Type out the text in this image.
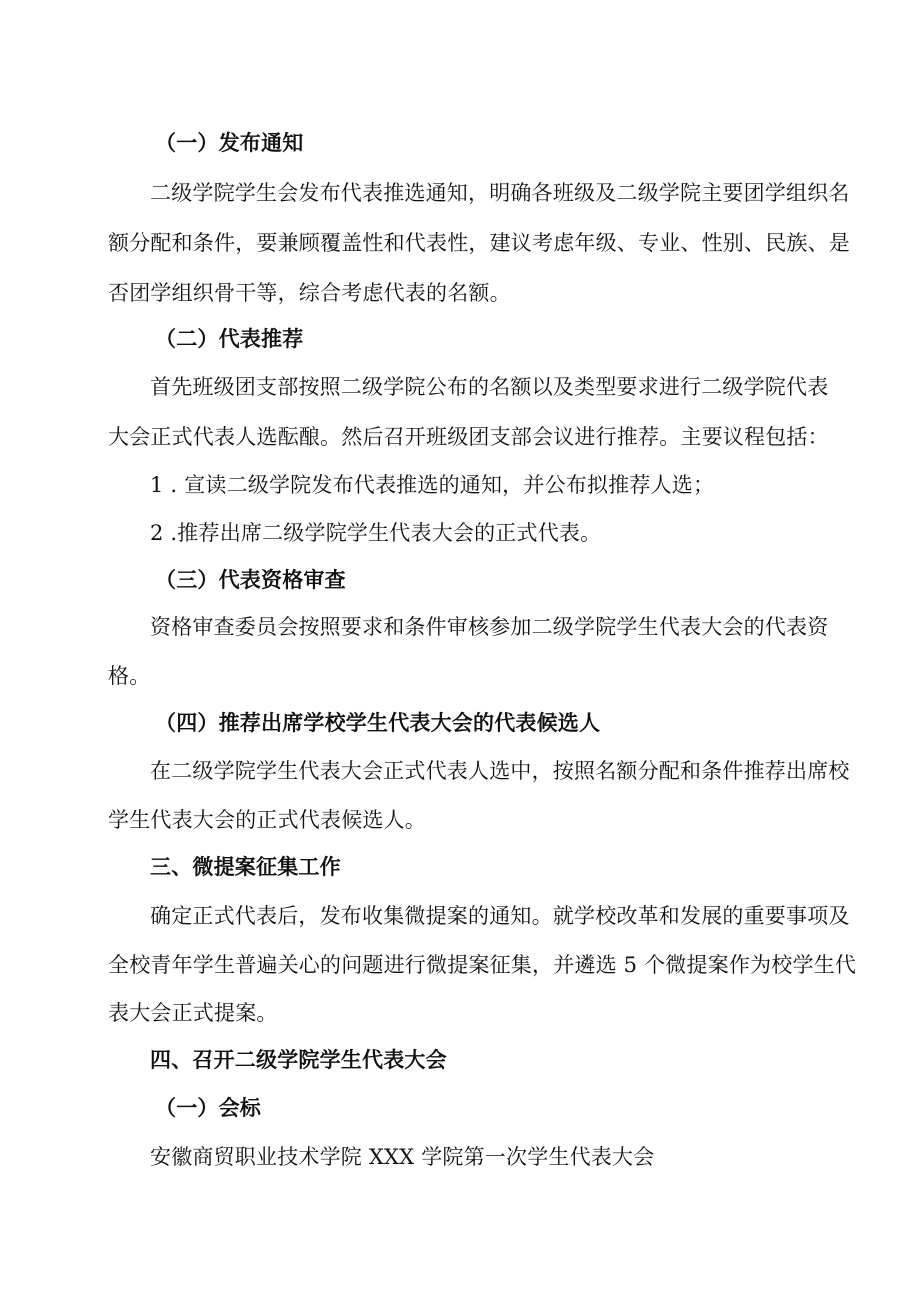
（一）发布通知
二级学院学生会发布代表推选通知，明确各班级及二级学院主要团学组织名
额分配和条件，要兼顾覆盖性和代表性，建议考虑年级、专业、性别、民族、是
否团学组织骨干等，综合考虑代表的名额。
（二）代表推荐
首先班级团支部按照二级学院公布的名额以及类型要求进行二级学院代表
大会正式代表人选酝酿。然后召开班级团支部会议进行推荐。主要议程包括：
1 . 宣读二级学院发布代表推选的通知，并公布拟推荐人选；
2 .推荐出席二级学院学生代表大会的正式代表。
（三）代表资格审查
资格审查委员会按照要求和条件审核参加二级学院学生代表大会的代表资
格。
（四）推荐出席学校学生代表大会的代表候选人
在二级学院学生代表大会正式代表人选中，按照名额分配和条件推荐出席校
学生代表大会的正式代表候选人。
三、微提案征集工作
确定正式代表后，发布收集微提案的通知。就学校改革和发展的重要事项及
全校青年学生普遍关心的问题进行微提案征集，并遴选 5 个微提案作为校学生代
表大会正式提案。
四、召开二级学院学生代表大会
（一）会标
安徽商贸职业技术学院 XXX 学院第一次学生代表大会
